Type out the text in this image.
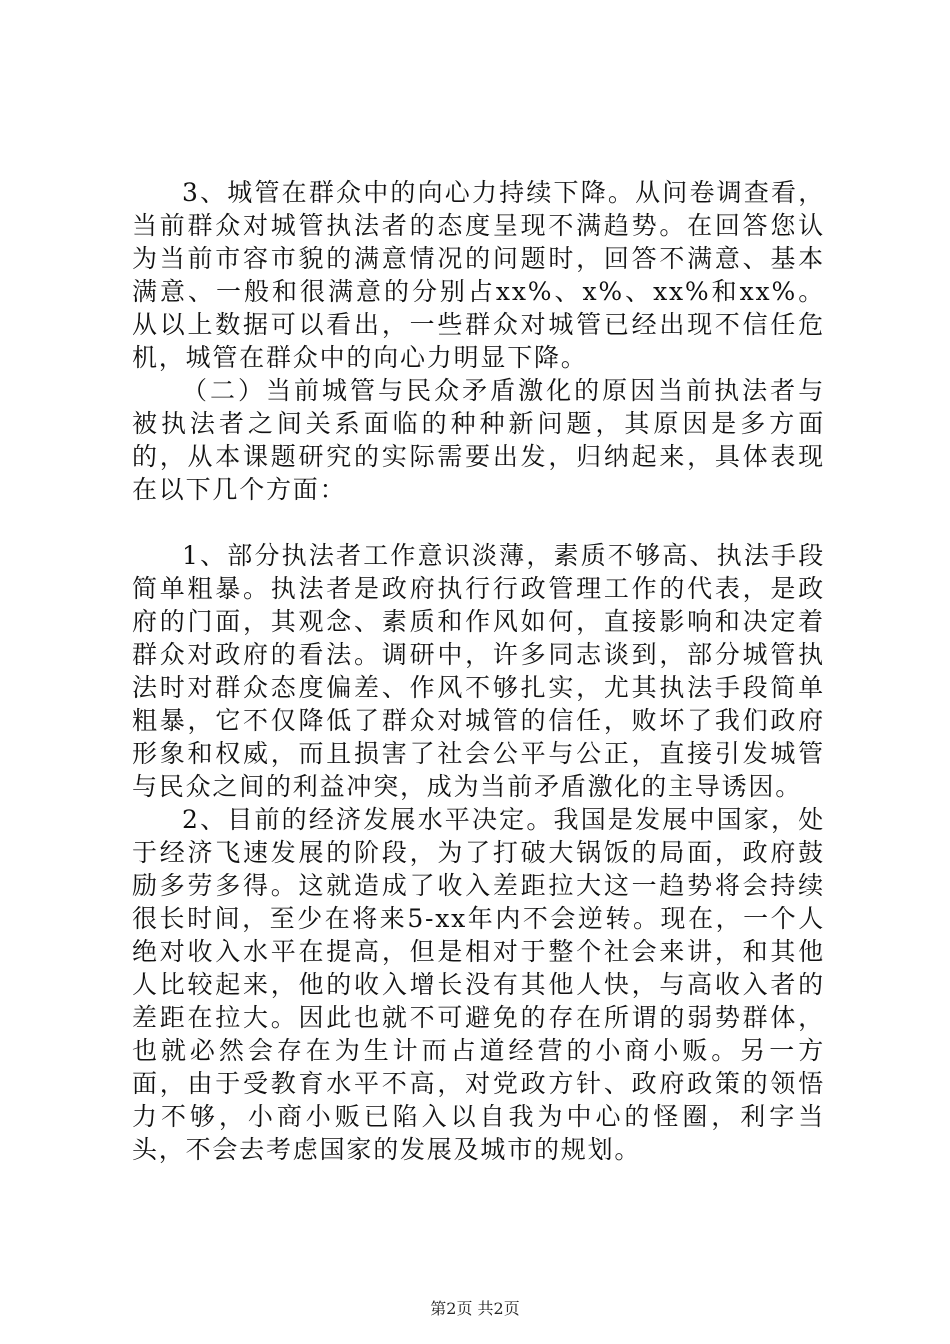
3、城管在群众中的向心力持续下降。从问卷调查看，当前群众对城管执法者的态度呈现不满趋势。在回答您认为当前市容市貌的满意情况的问题时，回答不满意、基本满意、一般和很满意的分别占xx%、x%、xx%和xx%。从以上数据可以看出，一些群众对城管已经出现不信任危机，城管在群众中的向心力明显下降。

（二）当前城管与民众矛盾激化的原因当前执法者与被执法者之间关系面临的种种新问题，其原因是多方面的，从本课题研究的实际需要出发，归纳起来，具体表现在以下几个方面：

1、部分执法者工作意识淡薄，素质不够高、执法手段简单粗暴。执法者是政府执行行政管理工作的代表，是政府的门面，其观念、素质和作风如何，直接影响和决定着群众对政府的看法。调研中，许多同志谈到，部分城管执法时对群众态度偏差、作风不够扎实，尤其执法手段简单粗暴，它不仅降低了群众对城管的信任，败坏了我们政府形象和权威，而且损害了社会公平与公正，直接引发城管与民众之间的利益冲突，成为当前矛盾激化的主导诱因。

2、目前的经济发展水平决定。我国是发展中国家，处于经济飞速发展的阶段，为了打破大锅饭的局面，政府鼓励多劳多得。这就造成了收入差距拉大这一趋势将会持续很长时间，至少在将来5-xx年内不会逆转。现在，一个人绝对收入水平在提高，但是相对于整个社会来讲，和其他人比较起来，他的收入增长没有其他人快，与高收入者的差距在拉大。因此也就不可避免的存在所谓的弱势群体，也就必然会存在为生计而占道经营的小商小贩。另一方面，由于受教育水平不高，对党政方针、政府政策的领悟力不够，小商小贩已陷入以自我为中心的怪圈，利字当头，不会去考虑国家的发展及城市的规划。

第2页 共2页
